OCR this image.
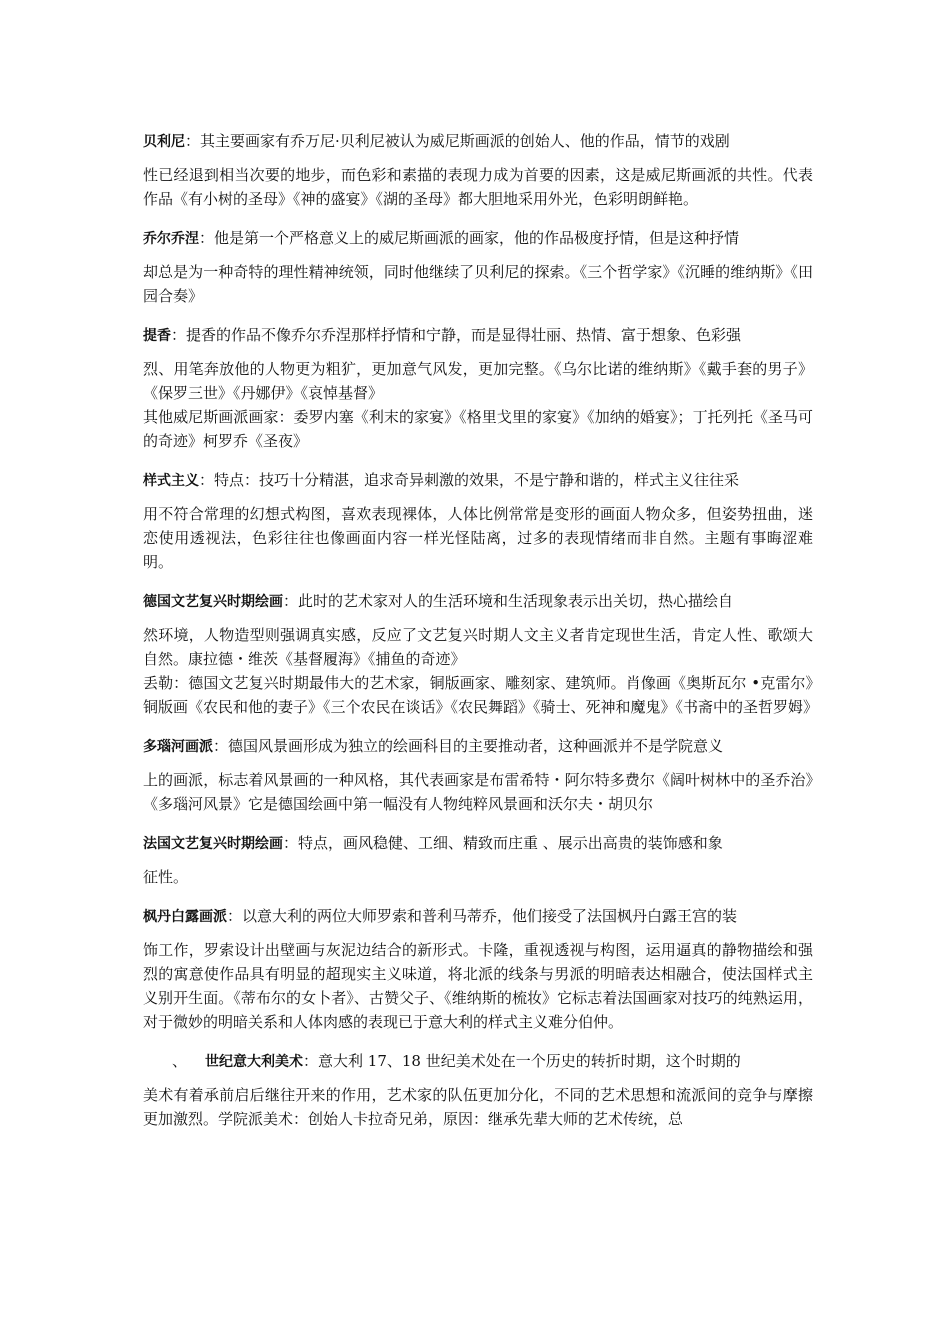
贝利尼：其主要画家有乔万尼·贝利尼被认为威尼斯画派的创始人、他的作品，情节的戏剧
性已经退到相当次要的地步，而色彩和素描的表现力成为首要的因素，这是威尼斯画派的共性。代表作品《有小树的圣母》《神的盛宴》《湖的圣母》都大胆地采用外光，色彩明朗鲜艳。

乔尔乔涅：他是第一个严格意义上的威尼斯画派的画家，他的作品极度抒情，但是这种抒情
却总是为一种奇特的理性精神统领，同时他继续了贝利尼的探索。《三个哲学家》《沉睡的维纳斯》《田园合奏》

提香：提香的作品不像乔尔乔涅那样抒情和宁静，而是显得壮丽、热情、富于想象、色彩强
烈、用笔奔放他的人物更为粗犷，更加意气风发，更加完整。《乌尔比诺的维纳斯》《戴手套的男子》《保罗三世》《丹娜伊》《哀悼基督》

其他威尼斯画派画家：委罗内塞《利末的家宴》《格里戈里的家宴》《加纳的婚宴》；丁托列托《圣马可的奇迹》柯罗乔《圣夜》

样式主义：特点：技巧十分精湛，追求奇异刺激的效果，不是宁静和谐的，样式主义往往采
用不符合常理的幻想式构图，喜欢表现裸体，人体比例常常是变形的画面人物众多，但姿势扭曲，迷恋使用透视法，色彩往往也像画面内容一样光怪陆离，过多的表现情绪而非自然。主题有事晦涩难明。

德国文艺复兴时期绘画：此时的艺术家对人的生活环境和生活现象表示出关切，热心描绘自
然环境，人物造型则强调真实感，反应了文艺复兴时期人文主义者肯定现世生活，肯定人性、歌颂大自然。康拉德・维茨《基督履海》《捕鱼的奇迹》

丢勒：德国文艺复兴时期最伟大的艺术家，铜版画家、雕刻家、建筑师。肖像画《奥斯瓦尔 •克雷尔》铜版画《农民和他的妻子》《三个农民在谈话》《农民舞蹈》《骑士、死神和魔鬼》《书斋中的圣哲罗姆》

多瑙河画派：德国风景画形成为独立的绘画科目的主要推动者，这种画派并不是学院意义
上的画派，标志着风景画的一种风格，其代表画家是布雷希特・阿尔特多费尔《阔叶树林中的圣乔治》《多瑙河风景》它是德国绘画中第一幅没有人物纯粹风景画和沃尔夫・胡贝尔

法国文艺复兴时期绘画：特点，画风稳健、工细、精致而庄重 、展示出高贵的装饰感和象
征性。

枫丹白露画派：以意大利的两位大师罗索和普利马蒂乔，他们接受了法国枫丹白露王宫的装
饰工作，罗索设计出壁画与灰泥边结合的新形式。卡隆，重视透视与构图，运用逼真的静物描绘和强烈的寓意使作品具有明显的超现实主义味道，将北派的线条与男派的明暗表达相融合，使法国样式主义别开生面。《蒂布尔的女卜者》、古赞父子、《维纳斯的梳妆》它标志着法国画家对技巧的纯熟运用，对于微妙的明暗关系和人体肉感的表现已于意大利的样式主义难分伯仲。

、 世纪意大利美术：意大利 17、18 世纪美术处在一个历史的转折时期，这个时期的
美术有着承前启后继往开来的作用，艺术家的队伍更加分化，不同的艺术思想和流派间的竞争与摩擦更加激烈。学院派美术：创始人卡拉奇兄弟，原因：继承先辈大师的艺术传统，总
